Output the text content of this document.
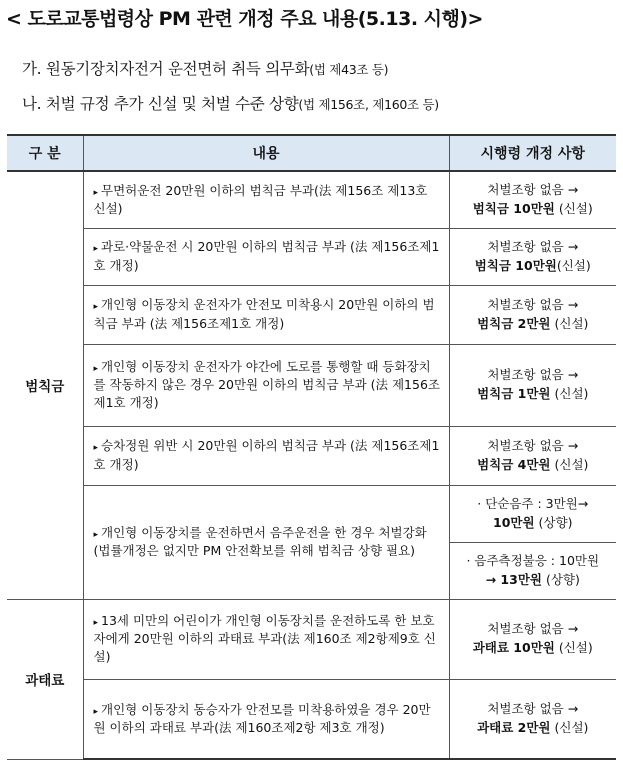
< 도로교통법령상 PM 관련 개정 주요 내용(5.13. 시행)>
가. 원동기장치자전거 운전면허 취득 의무화(법 제43조 등)
나. 처벌 규정 추가 신설 및 처벌 수준 상향(법 제156조, 제160조 등)
구 분	내용	시행령 개정 사항
범칙금	▸ 무면허운전 20만원 이하의 범칙금 부과(法 제156조 제13호 신설)	처벌조항 없음 →
범칙금 10만원 (신설)
	▸ 과로·약물운전 시 20만원 이하의 범칙금 부과 (法 제156조제1호 개정)	처벌조항 없음 →
범칙금 10만원(신설)
	▸ 개인형 이동장치 운전자가 안전모 미착용시 20만원 이하의 범칙금 부과 (法 제156조제1호 개정)	처벌조항 없음 →
범칙금 2만원 (신설)
	▸ 개인형 이동장치 운전자가 야간에 도로를 통행할 때 등화장치를 작동하지 않은 경우 20만원 이하의 범칙금 부과 (法 제156조제1호 개정)	처벌조항 없음 →
범칙금 1만원 (신설)
	▸ 승차정원 위반 시 20만원 이하의 범칙금 부과 (法 제156조제1호 개정)	처벌조항 없음 →
범칙금 4만원 (신설)
	▸ 개인형 이동장치를 운전하면서 음주운전을 한 경우 처벌강화 (법률개정은 없지만 PM 안전확보를 위해 범칙금 상향 필요)	· 단순음주 : 3만원→
10만원 (상향)
		· 음주측정불응 : 10만원
→ 13만원 (상향)
과태료	▸ 13세 미만의 어린이가 개인형 이동장치를 운전하도록 한 보호자에게 20만원 이하의 과태료 부과(法 제160조 제2항제9호 신설)	처벌조항 없음 →
과태료 10만원 (신설)
	▸ 개인형 이동장치 동승자가 안전모를 미착용하였을 경우 20만원 이하의 과태료 부과(法 제160조제2항 제3호 개정)	처벌조항 없음 →
과태료 2만원 (신설)
